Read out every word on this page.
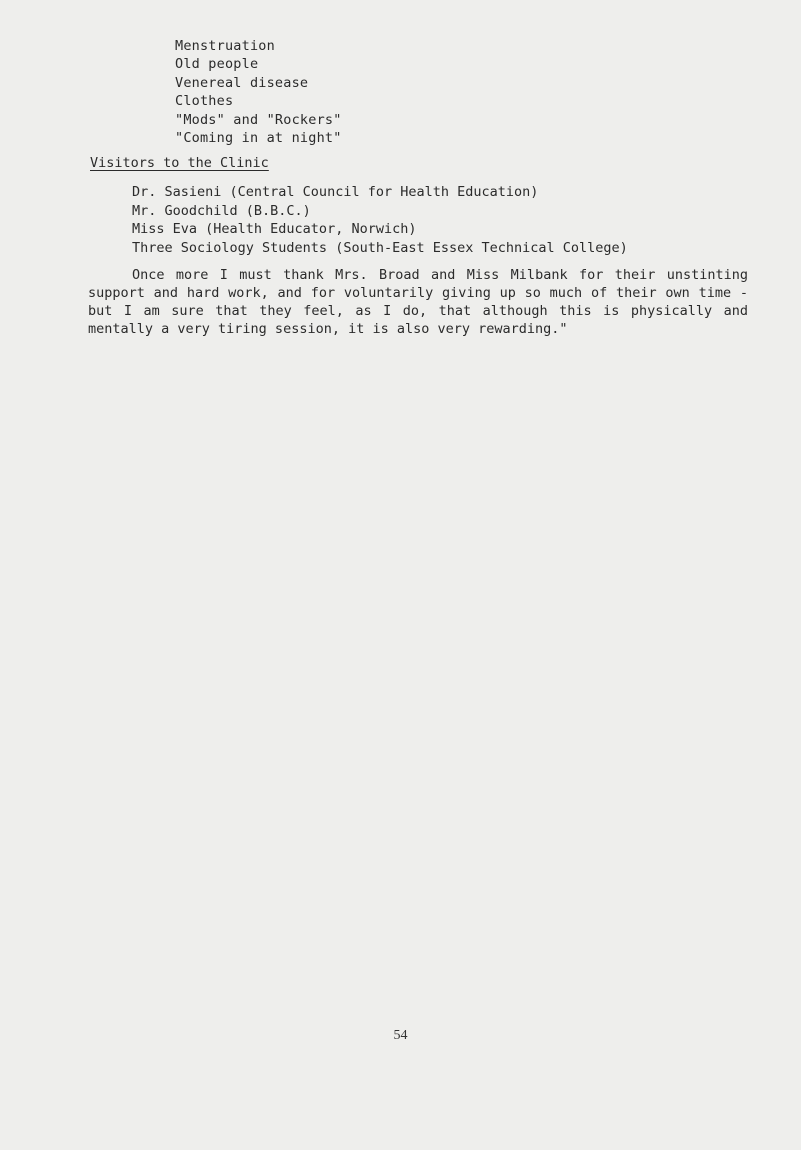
Menstruation
Old people
Venereal disease
Clothes
"Mods" and "Rockers"
"Coming in at night"
Visitors to the Clinic
Dr. Sasieni (Central Council for Health Education)
Mr. Goodchild (B.B.C.)
Miss Eva (Health Educator, Norwich)
Three Sociology Students (South-East Essex Technical College)

Once more I must thank Mrs. Broad and Miss Milbank for their unstinting support and hard work, and for voluntarily giving up so much of their own time - but I am sure that they feel, as I do, that although this is physically and mentally a very tiring session, it is also very rewarding."

54
